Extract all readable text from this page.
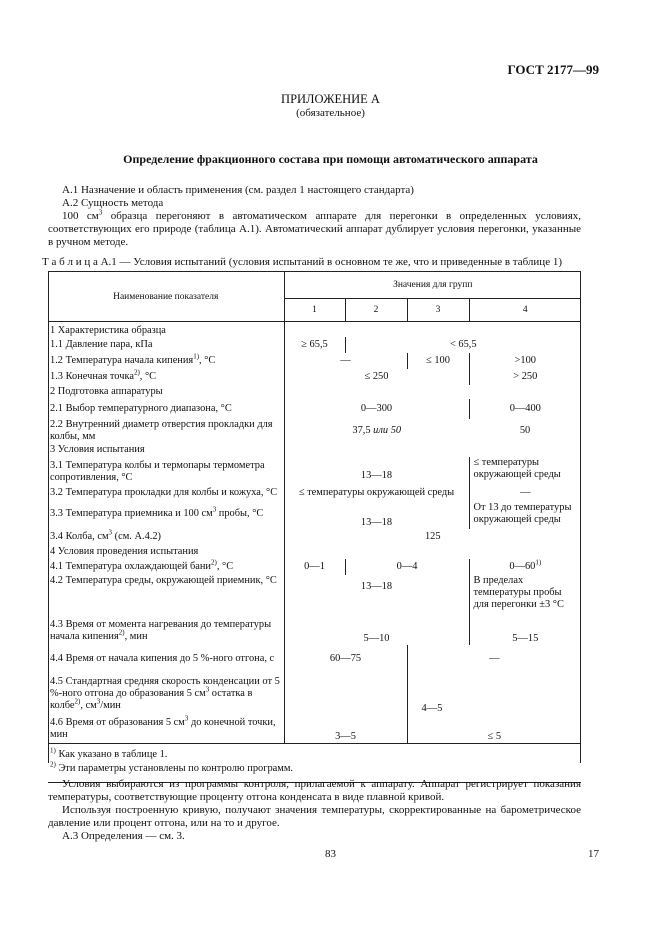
ГОСТ 2177—99
ПРИЛОЖЕНИЕ А
(обязательное)
Определение фракционного состава при помощи автоматического аппарата
А.1 Назначение и область применения (см. раздел 1 настоящего стандарта)
А.2 Сущность метода
100 $см^3$ образца перегоняют в автоматическом аппарате для перегонки в определенных условиях, соответствующих его природе (таблица А.1). Автоматический аппарат дублирует условия перегонки, указанные в ручном методе.
Т а б л и ц а А.1 — Условия испытаний (условия испытаний в основном те же, что и приведенные в таблице 1)
Наименование показателя	Значения для групп			
	1	2	3	4
1 Характеристика образца				
1.1 Давление пара, кПа	≥ 65,5	< 65,5		
1.2 Температура начала кипения$^{1)}$, °С	—		≤ 100	>100
1.3 Конечная точка$^{2)}$, °С	≤ 250			> 250
2 Подготовка аппаратуры				
2.1 Выбор температурного диапазона, °С	0—300			0—400
2.2 Внутренний диаметр отверстия прокладки для колбы, мм	37,5 или 50			50
3 Условия испытания				
3.1 Температура колбы и термопары термометра сопротивления, °С	13—18			≤ температуры окружающей среды
3.2 Температура прокладки для колбы и кожуха, °С	≤ температуры окружающей среды			—
3.3 Температура приемника и 100 $см^3$ пробы, °С	13—18			От 13 до температуры окружающей среды
3.4 Колба, $см^3$ (см. А.4.2)	125			
4 Условия проведения испытания				
4.1 Температура охлаждающей бани$^{2)}$, °С	0—1	0—4		0—60$^{1)}$
4.2 Температура среды, окружающей приемник, °С	13—18			В пределах температуры пробы для перегонки ±3 °С
4.3 Время от момента нагревания до температуры начала кипения$^{2)}$, мин	5—10			5—15
4.4 Время от начала кипения до 5 %-ного отгона, с	60—75		—	
4.5 Стандартная средняя скорость конденсации от 5 %-ного отгона до образования 5 $см^3$ остатка в колбе$^{2)}$, $см^3$/мин			4—5	
4.6 Время от образования 5 $см^3$ до конечной точки, мин	3—5		≤ 5	
$^{1)}$ Как указано в таблице 1.				
$^{2)}$ Эти параметры установлены по контролю программ.				
Условия выбираются из программы контроля, прилагаемой к аппарату. Аппарат регистрирует показания температуры, соответствующие проценту отгона конденсата в виде плавной кривой.
Используя построенную кривую, получают значения температуры, скорректированные на барометрическое давление или процент отгона, или на то и другое.
А.3 Определения — см. 3.
83	17
